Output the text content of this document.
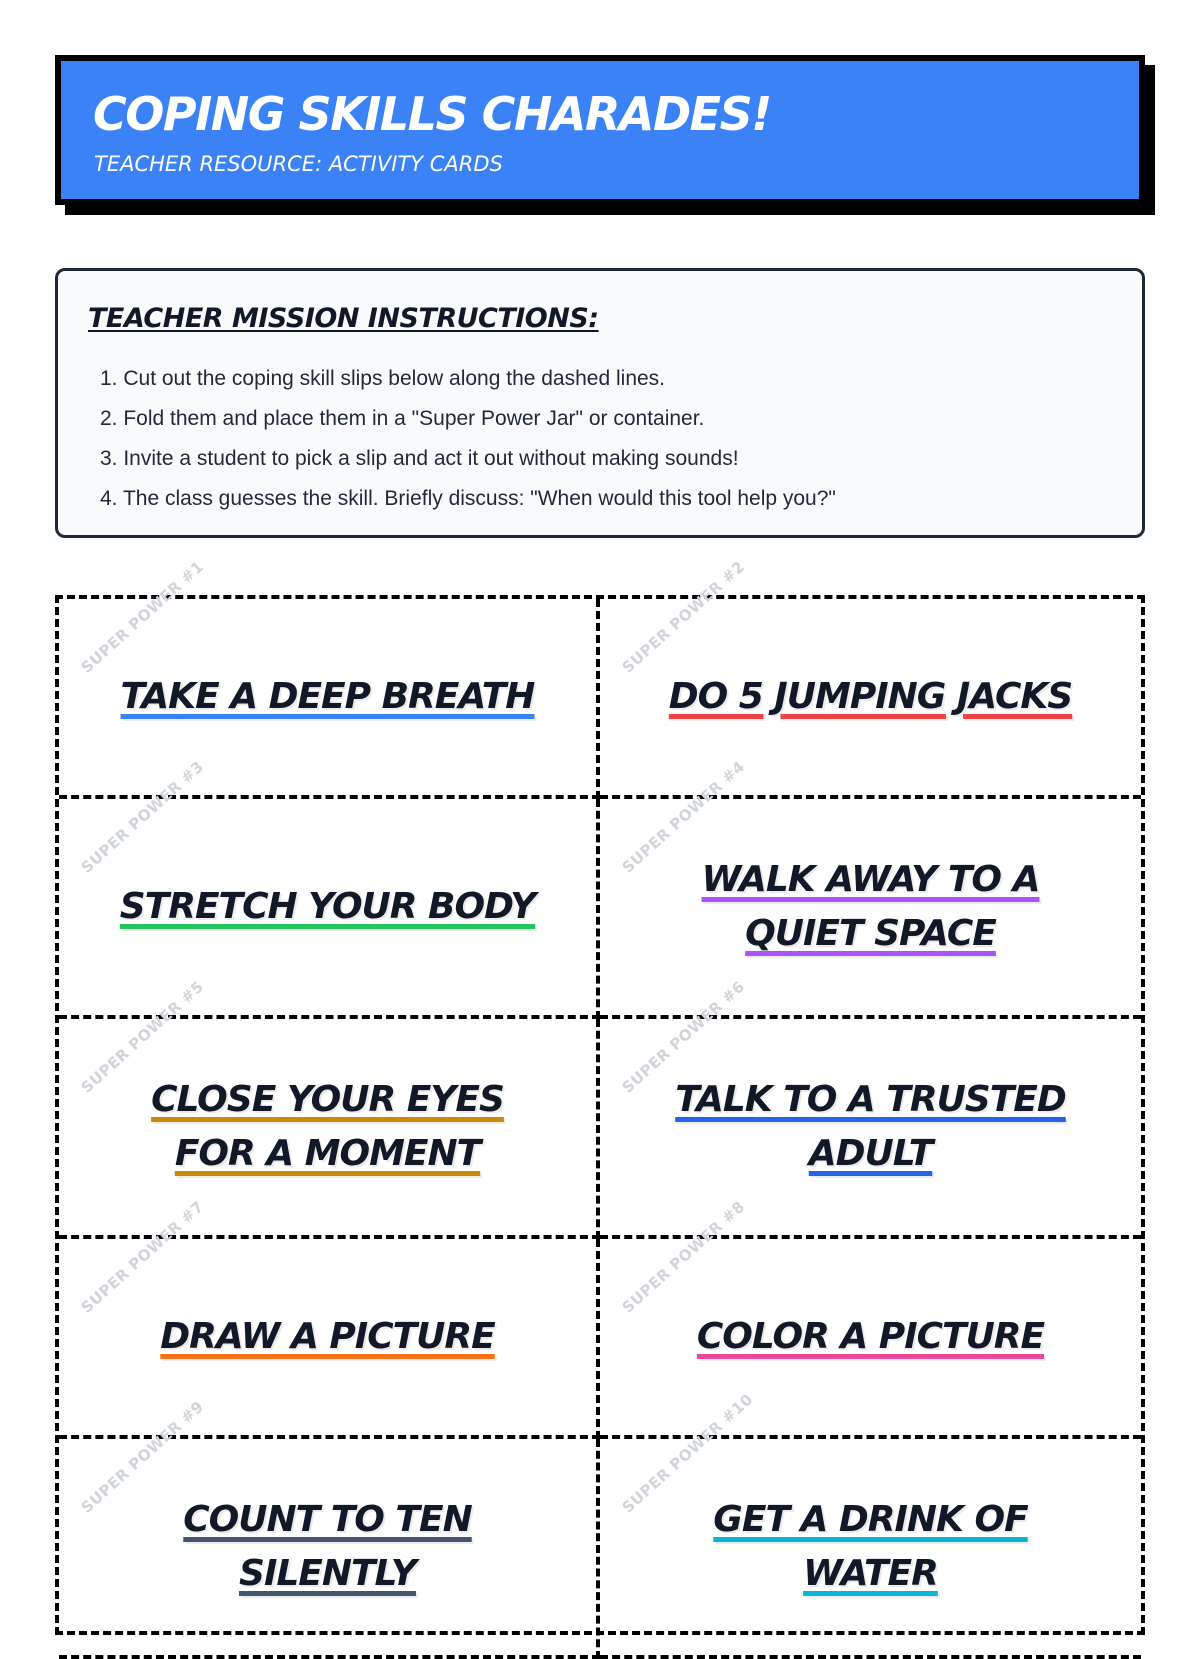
COPING SKILLS CHARADES!

TEACHER RESOURCE: ACTIVITY CARDS

TEACHER MISSION INSTRUCTIONS:
1. Cut out the coping skill slips below along the dashed lines.
2. Fold them and place them in a "Super Power Jar" or container.
3. Invite a student to pick a slip and act it out without making sounds!
4. The class guesses the skill. Briefly discuss: "When would this tool help you?"
SUPER POWER #1
TAKE A DEEP BREATH
SUPER POWER #2
DO 5 JUMPING JACKS
SUPER POWER #3
STRETCH YOUR BODY
SUPER POWER #4
WALK AWAY TO A QUIET SPACE
SUPER POWER #5
CLOSE YOUR EYES FOR A MOMENT
SUPER POWER #6
TALK TO A TRUSTED ADULT
SUPER POWER #7
DRAW A PICTURE
SUPER POWER #8
COLOR A PICTURE
SUPER POWER #9
COUNT TO TEN SILENTLY
SUPER POWER #10
GET A DRINK OF WATER
